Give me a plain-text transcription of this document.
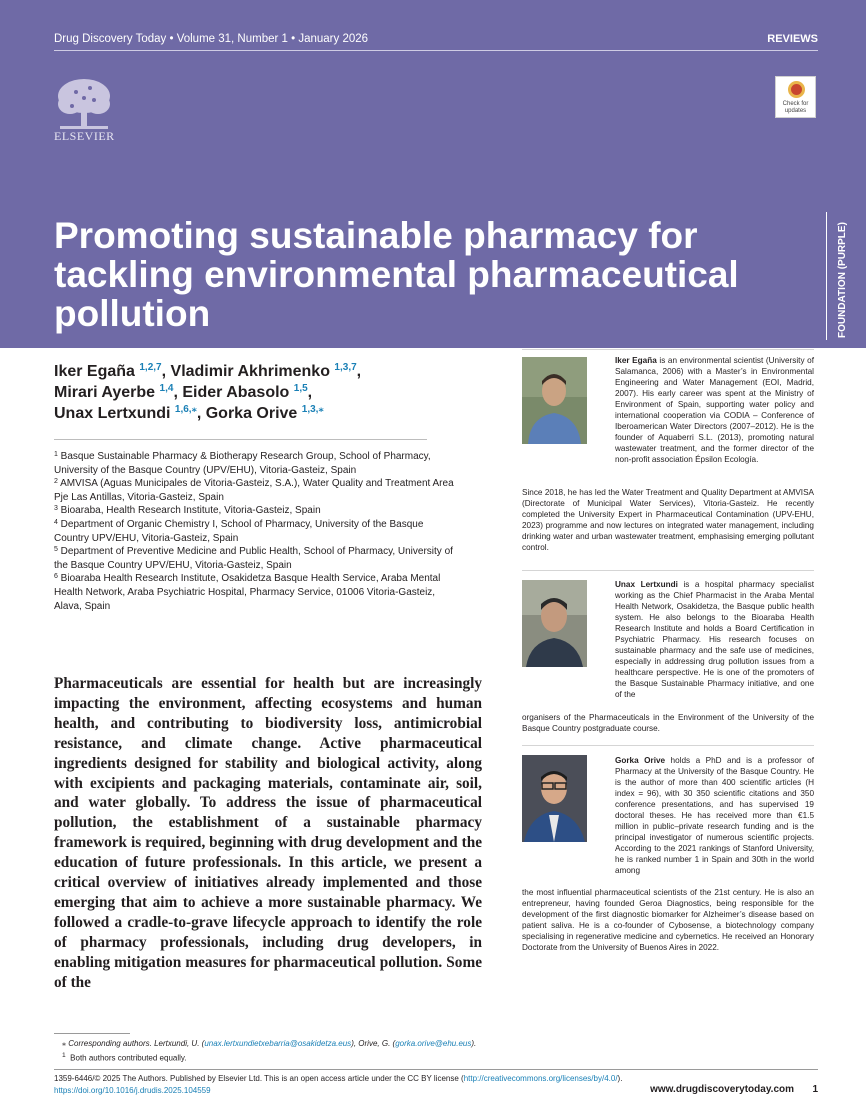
Drug Discovery Today • Volume 31, Number 1 • January 2026	REVIEWS
ELSEVIER
Check for updates
Promoting sustainable pharmacy for tackling environmental pharmaceutical pollution	FOUNDATION (PURPLE)
Iker Egaña $^{1,2,7}$, Vladimir Akhrimenko $^{1,3,7}$,
Mirari Ayerbe $^{1,4}$, Eider Abasolo $^{1,5}$,
Unax Lertxundi $^{1,6,⁎}$, Gorka Orive $^{1,3,⁎}$
$^1$ Basque Sustainable Pharmacy & Biotherapy Research Group, School of Pharmacy, University of the Basque Country (UPV/EHU), Vitoria-Gasteiz, Spain
$^2$ AMVISA (Aguas Municipales de Vitoria-Gasteiz, S.A.), Water Quality and Treatment Area Pje Las Antillas, Vitoria-Gasteiz, Spain
$^3$ Bioaraba, Health Research Institute, Vitoria-Gasteiz, Spain
$^4$ Department of Organic Chemistry I, School of Pharmacy, University of the Basque Country UPV/EHU, Vitoria-Gasteiz, Spain
$^5$ Department of Preventive Medicine and Public Health, School of Pharmacy, University of the Basque Country UPV/EHU, Vitoria-Gasteiz, Spain
$^6$ Bioaraba Health Research Institute, Osakidetza Basque Health Service, Araba Mental Health Network, Araba Psychiatric Hospital, Pharmacy Service, 01006 Vitoria-Gasteiz, Alava, Spain
Pharmaceuticals are essential for health but are increasingly impacting the environment, affecting ecosystems and human health, and contributing to biodiversity loss, antimicrobial resistance, and climate change. Active pharmaceutical ingredients designed for stability and biological activity, along with excipients and packaging materials, contaminate air, soil, and water globally. To address the issue of pharmaceutical pollution, the establishment of a sustainable pharmacy framework is required, beginning with drug development and the education of future professionals. In this article, we present a critical overview of initiatives already implemented and those emerging that aim to achieve a more sustainable pharmacy. We followed a cradle-to-grave lifecycle approach to identify the role of pharmacy professionals, including drug developers, in enabling mitigation measures for pharmaceutical pollution. Some of the
Iker Egaña is an environmental scientist (University of Salamanca, 2006) with a Master’s in Environmental Engineering and Water Management (EOI, Madrid, 2007). His early career was spent at the Ministry of Environment of Spain, supporting water policy and international cooperation via CODIA – Conference of Iberoamerican Water Directors (2007–2012). He is the founder of Aquaberri S.L. (2013), promoting natural wastewater treatment, and the former director of the non-profit association Épsilon Ecología.
Since 2018, he has led the Water Treatment and Quality Department at AMVISA (Directorate of Municipal Water Services), Vitoria-Gasteiz. He recently completed the University Expert in Pharmaceutical Contamination (UPV-EHU, 2023) programme and now lectures on integrated water management, including drinking water and urban wastewater treatment, emphasising emerging pollutant control.
Unax Lertxundi is a hospital pharmacy specialist working as the Chief Pharmacist in the Araba Mental Health Network, Osakidetza, the Basque public health system. He also belongs to the Bioaraba Health Research Institute and holds a Board Certification in Psychiatric Pharmacy. His research focuses on sustainable pharmacy and the safe use of medicines, especially in addressing drug pollution issues from a healthcare perspective. He is one of the promoters of the Basque Sustainable Pharmacy initiative, and one of the
organisers of the Pharmaceuticals in the Environment of the University of the Basque Country postgraduate course.
Gorka Orive holds a PhD and is a professor of Pharmacy at the University of the Basque Country. He is the author of more than 400 scientific articles (H index = 96), with 30 350 scientific citations and 350 conference presentations, and has supervised 19 doctoral theses. He has received more than €1.5 million in public–private research funding and is the principal investigator of numerous scientific projects. According to the 2021 rankings of Stanford University, he is ranked number 1 in Spain and 30th in the world among
the most influential pharmaceutical scientists of the 21st century. He is also an entrepreneur, having founded Geroa Diagnostics, being responsible for the development of the first diagnostic biomarker for Alzheimer’s disease based on patient saliva. He is a co-founder of Cybosense, a biotechnology company specialising in regenerative medicine and cybernetics. He received an Honorary Doctorate from the University of Buenos Aires in 2022.
⁎ Corresponding authors. Lertxundi, U. (unax.lertxundietxebarria@osakidetza.eus), Orive, G. (gorka.orive@ehu.eus).
$^1$ Both authors contributed equally.
1359-6446/© 2025 The Authors. Published by Elsevier Ltd. This is an open access article under the CC BY license (http://creativecommons.org/licenses/by/4.0/).
https://doi.org/10.1016/j.drudis.2025.104559	www.drugdiscoverytoday.com 1
